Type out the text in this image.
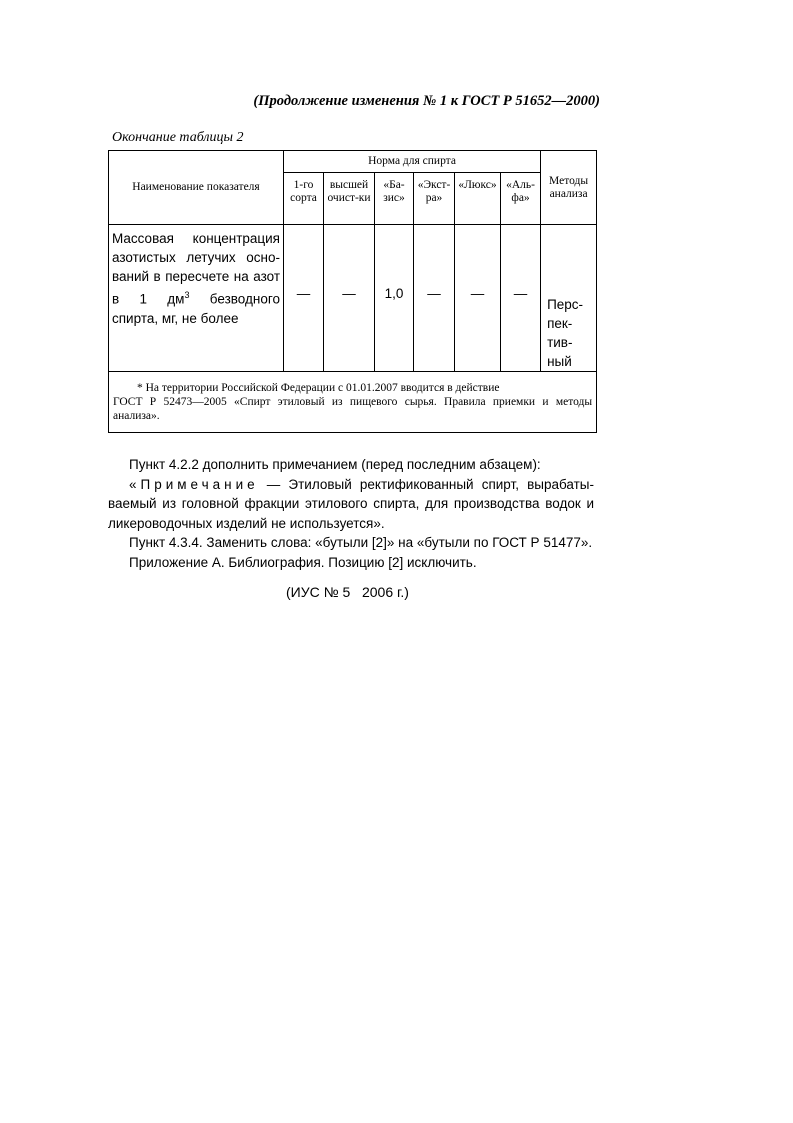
(Продолжение изменения № 1 к ГОСТ Р 51652—2000)
Окончание таблицы 2
Наименование показателя	Норма для спирта						Методы анализа
	1-го сорта	высшей очист-ки	«Ба-зис»	«Экст-ра»	«Люкс»	«Аль-фа»	
Массовая концентрация азотистых летучих осно-ваний в пересчете на азот в 1 $дм^3$ безводного спирта, мг, не более	—	—	1,0	—	—	—	Перс-пек-тив-ный

* На территории Российской Федерации с 01.01.2007 вводится в действие
ГОСТ Р 52473—2005 «Спирт этиловый из пищевого сырья. Правила приемки и методы анализа».							

Пункт 4.2.2 дополнить примечанием (перед последним абзацем):

«Примечание — Этиловый ректификованный спирт, вырабаты-ваемый из головной фракции этилового спирта, для производства водок и ликероводочных изделий не используется».

Пункт 4.3.4. Заменить слова: «бутыли [2]» на «бутыли по ГОСТ Р 51477».

Приложение А. Библиография. Позицию [2] исключить.

(ИУС № 5   2006 г.)
